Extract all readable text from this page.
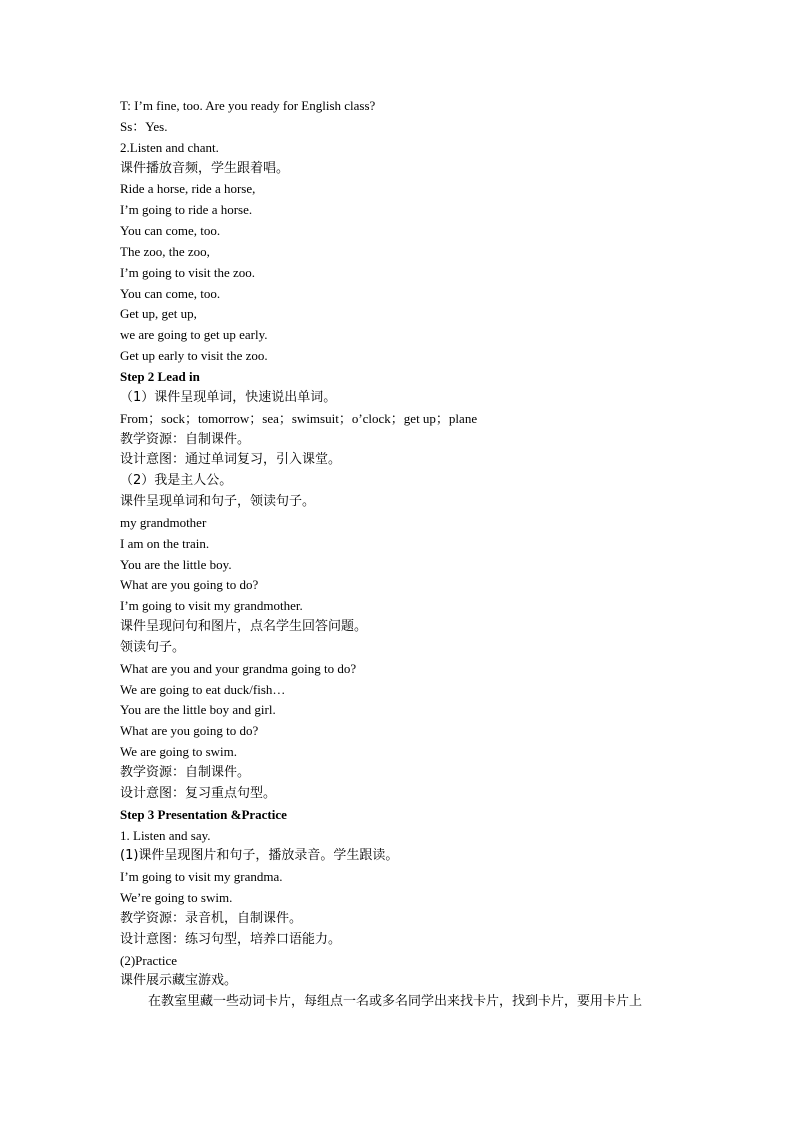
T: I’m fine, too. Are you ready for English class?
Ss：Yes.
2.Listen and chant.
课件播放音频，学生跟着唱。
Ride a horse, ride a horse,
I’m going to ride a horse.
You can come, too.
The zoo, the zoo,
I’m going to visit the zoo.
You can come, too.
Get up, get up,
we are going to get up early.
Get up early to visit the zoo.
Step 2 Lead in
（1）课件呈现单词，快速说出单词。
From；sock；tomorrow；sea；swimsuit；o’clock；get up；plane
教学资源：自制课件。
设计意图：通过单词复习，引入课堂。
（2）我是主人公。
课件呈现单词和句子，领读句子。
my grandmother
I am on the train.
You are the little boy.
What are you going to do?
I’m going to visit my grandmother.
课件呈现问句和图片，点名学生回答问题。
领读句子。
What are you and your grandma going to do?
We are going to eat duck/fish…
You are the little boy and girl.
What are you going to do?
We are going to swim.
教学资源：自制课件。
设计意图：复习重点句型。
Step 3 Presentation &Practice
1. Listen and say.
(1)课件呈现图片和句子，播放录音。学生跟读。
I’m going to visit my grandma.
We’re going to swim.
教学资源：录音机，自制课件。
设计意图：练习句型，培养口语能力。
(2)Practice
课件展示藏宝游戏。
在教室里藏一些动词卡片，每组点一名或多名同学出来找卡片，找到卡片，要用卡片上
